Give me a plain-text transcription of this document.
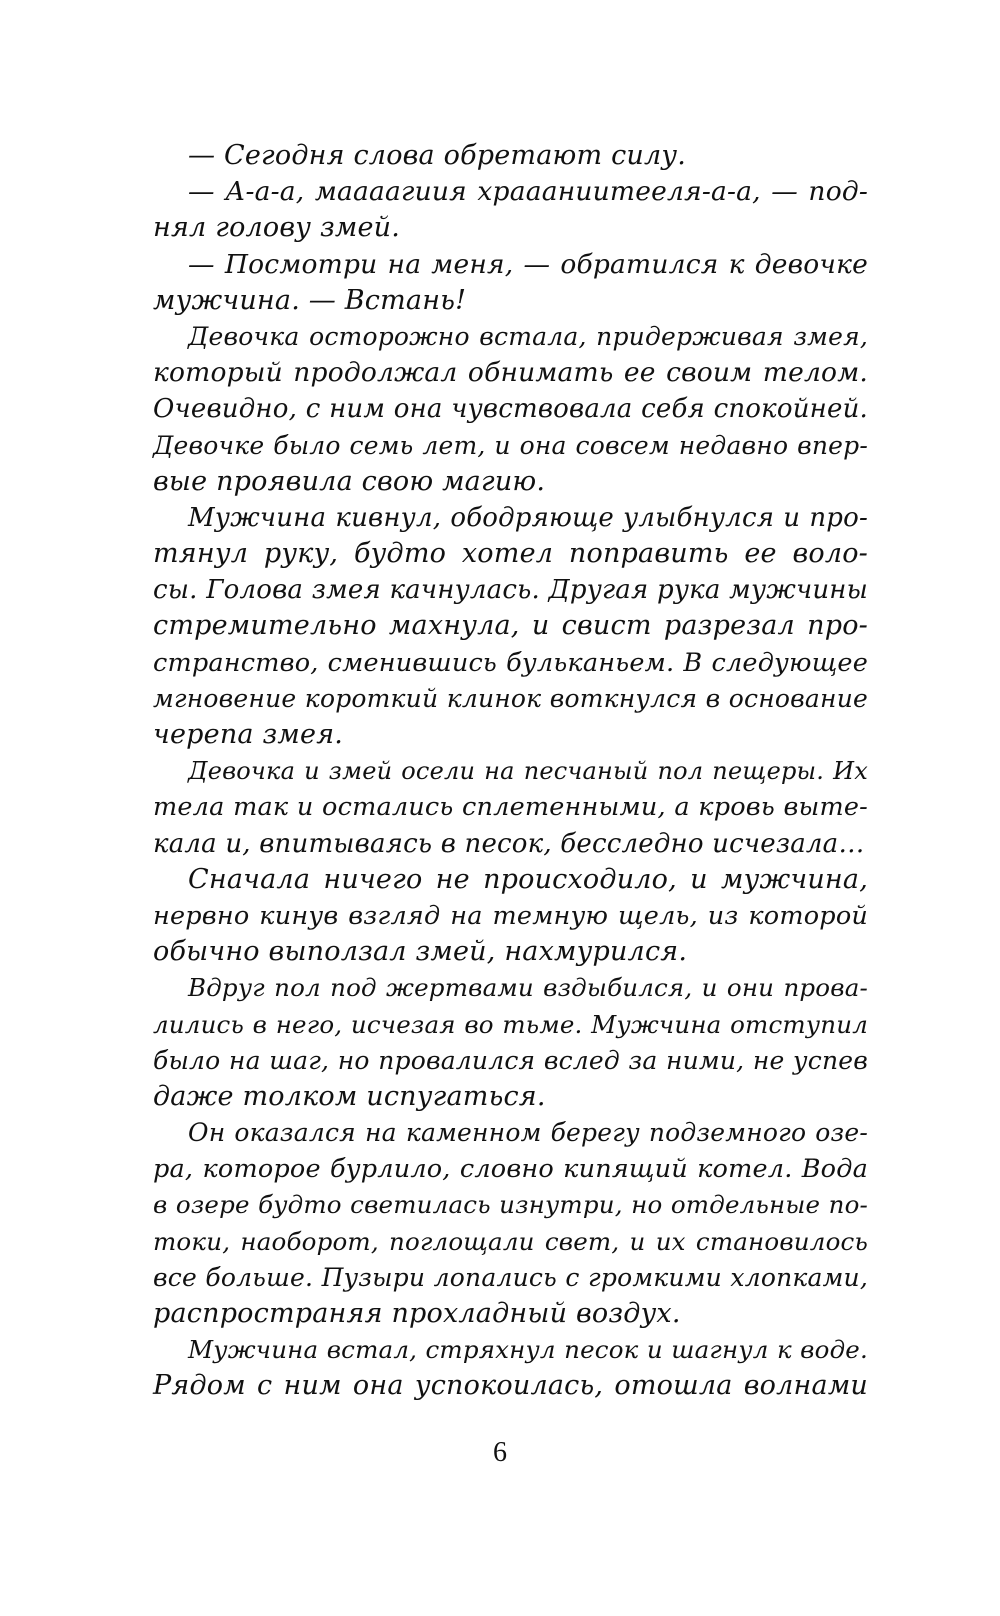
— Сегодня слова обретают силу.
— А-а-а, маааагиия храааниитееля-а-а, — под-
нял голову змей.
— Посмотри на меня, — обратился к девочке
мужчина. — Встань!
Девочка осторожно встала, придерживая змея,
который продолжал обнимать ее своим телом.
Очевидно, с ним она чувствовала себя спокойней.
Девочке было семь лет, и она совсем недавно впер-
вые проявила свою магию.
Мужчина кивнул, ободряюще улыбнулся и про-
тянул руку, будто хотел поправить ее воло-
сы. Голова змея качнулась. Другая рука мужчины
стремительно махнула, и свист разрезал про-
странство, сменившись бульканьем. В следующее
мгновение короткий клинок воткнулся в основание
черепа змея.
Девочка и змей осели на песчаный пол пещеры. Их
тела так и остались сплетенными, а кровь выте-
кала и, впитываясь в песок, бесследно исчезала…
Сначала ничего не происходило, и мужчина,
нервно кинув взгляд на темную щель, из которой
обычно выползал змей, нахмурился.
Вдруг пол под жертвами вздыбился, и они прова-
лились в него, исчезая во тьме. Мужчина отступил
было на шаг, но провалился вслед за ними, не успев
даже толком испугаться.
Он оказался на каменном берегу подземного озе-
ра, которое бурлило, словно кипящий котел. Вода
в озере будто светилась изнутри, но отдельные по-
токи, наоборот, поглощали свет, и их становилось
все больше. Пузыри лопались с громкими хлопками,
распространяя прохладный воздух.
Мужчина встал, стряхнул песок и шагнул к воде.
Рядом с ним она успокоилась, отошла волнами
6
